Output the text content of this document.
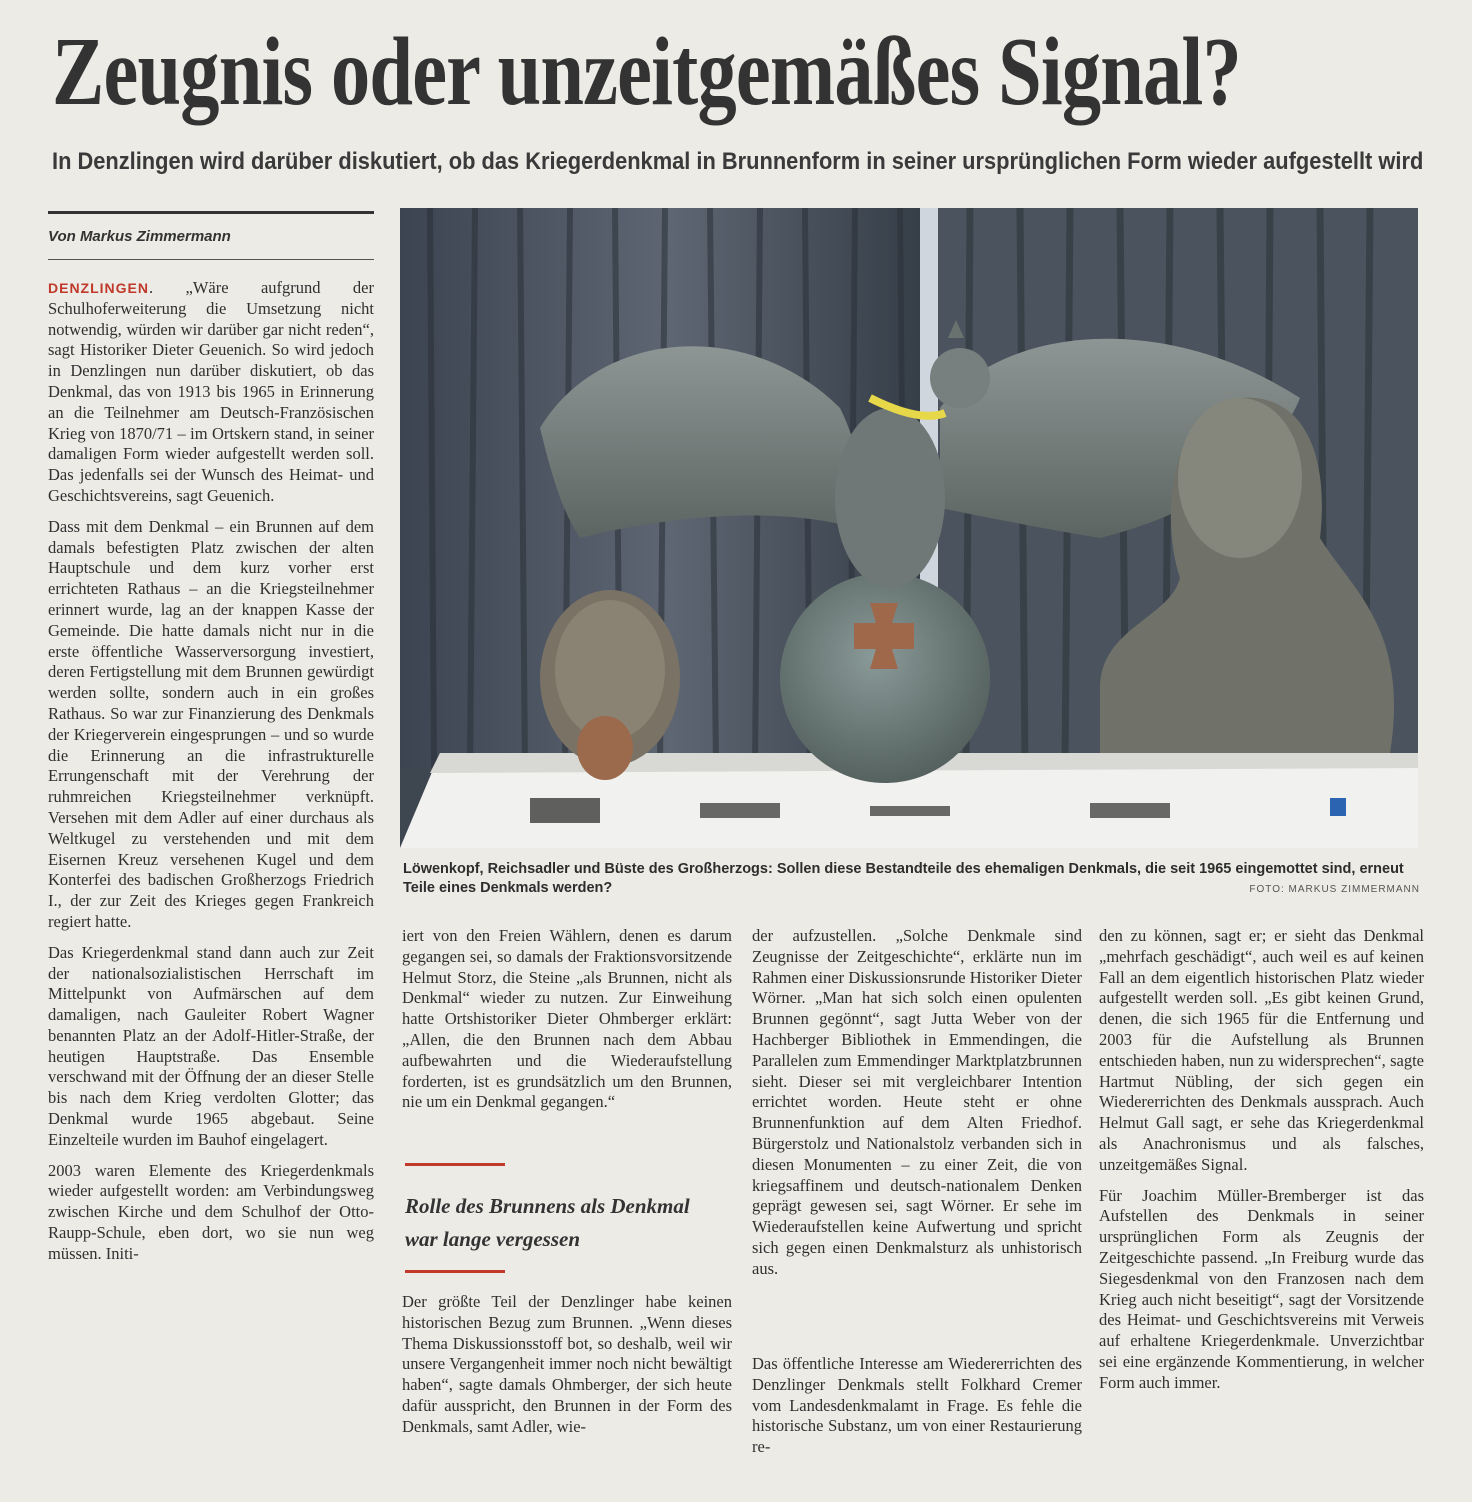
Zeugnis oder unzeitgemäßes Signal?
In Denzlingen wird darüber diskutiert, ob das Kriegerdenkmal in Brunnenform in seiner ursprünglichen Form wieder aufgestellt wird

Von Markus Zimmermann

DENZLINGEN. „Wäre aufgrund der Schulhoferweiterung die Umsetzung nicht notwendig, würden wir darüber gar nicht reden“, sagt Historiker Dieter Geuenich. So wird jedoch in Denzlingen nun darüber diskutiert, ob das Denkmal, das von 1913 bis 1965 in Erinnerung an die Teilnehmer am Deutsch-Französischen Krieg von 1870/71 – im Ortskern stand, in seiner damaligen Form wieder aufgestellt werden soll. Das jedenfalls sei der Wunsch des Heimat- und Geschichtsvereins, sagt Geuenich.

Dass mit dem Denkmal – ein Brunnen auf dem damals befestigten Platz zwischen der alten Hauptschule und dem kurz vorher erst errichteten Rathaus – an die Kriegsteilnehmer erinnert wurde, lag an der knappen Kasse der Gemeinde. Die hatte damals nicht nur in die erste öffentliche Wasserversorgung investiert, deren Fertigstellung mit dem Brunnen gewürdigt werden sollte, sondern auch in ein großes Rathaus. So war zur Finanzierung des Denkmals der Kriegerverein eingesprungen – und so wurde die Erinnerung an die infrastrukturelle Errungenschaft mit der Verehrung der ruhmreichen Kriegsteilnehmer verknüpft. Versehen mit dem Adler auf einer durchaus als Weltkugel zu verstehenden und mit dem Eisernen Kreuz versehenen Kugel und dem Konterfei des badischen Großherzogs Friedrich I., der zur Zeit des Krieges gegen Frankreich regiert hatte.

Das Kriegerdenkmal stand dann auch zur Zeit der nationalsozialistischen Herrschaft im Mittelpunkt von Aufmärschen auf dem damaligen, nach Gauleiter Robert Wagner benannten Platz an der Adolf-Hitler-Straße, der heutigen Hauptstraße. Das Ensemble verschwand mit der Öffnung der an dieser Stelle bis nach dem Krieg verdolten Glotter; das Denkmal wurde 1965 abgebaut. Seine Einzelteile wurden im Bauhof eingelagert.

2003 waren Elemente des Kriegerdenkmals wieder aufgestellt worden: am Verbindungsweg zwischen Kirche und dem Schulhof der Otto-Raupp-Schule, eben dort, wo sie nun weg müssen. Initi-

Löwenkopf, Reichsadler und Büste des Großherzogs: Sollen diese Bestandteile des ehemaligen Denkmals, die seit 1965 eingemottet sind, erneut Teile eines Denkmals werden?	FOTO: MARKUS ZIMMERMANN

iert von den Freien Wählern, denen es darum gegangen sei, so damals der Fraktionsvorsitzende Helmut Storz, die Steine „als Brunnen, nicht als Denkmal“ wieder zu nutzen. Zur Einweihung hatte Ortshistoriker Dieter Ohmberger erklärt: „Allen, die den Brunnen nach dem Abbau aufbewahrten und die Wiederaufstellung forderten, ist es grundsätzlich um den Brunnen, nie um ein Denkmal gegangen.“

Rolle des Brunnens als Denkmal war lange vergessen

Der größte Teil der Denzlinger habe keinen historischen Bezug zum Brunnen. „Wenn dieses Thema Diskussionsstoff bot, so deshalb, weil wir unsere Vergangenheit immer noch nicht bewältigt haben“, sagte damals Ohmberger, der sich heute dafür ausspricht, den Brunnen in der Form des Denkmals, samt Adler, wie-

der aufzustellen. „Solche Denkmale sind Zeugnisse der Zeitgeschichte“, erklärte nun im Rahmen einer Diskussionsrunde Historiker Dieter Wörner. „Man hat sich solch einen opulenten Brunnen gegönnt“, sagt Jutta Weber von der Hachberger Bibliothek in Emmendingen, die Parallelen zum Emmendinger Marktplatzbrunnen sieht. Dieser sei mit vergleichbarer Intention errichtet worden. Heute steht er ohne Brunnenfunktion auf dem Alten Friedhof. Bürgerstolz und Nationalstolz verbanden sich in diesen Monumenten – zu einer Zeit, die von kriegsaffinem und deutsch-nationalem Denken geprägt gewesen sei, sagt Wörner. Er sehe im Wiederaufstellen keine Aufwertung und spricht sich gegen einen Denkmalsturz als unhistorisch aus.

Das öffentliche Interesse am Wiedererrichten des Denzlinger Denkmals stellt Folkhard Cremer vom Landesdenkmalamt in Frage. Es fehle die historische Substanz, um von einer Restaurierung re-

den zu können, sagt er; er sieht das Denkmal „mehrfach geschädigt“, auch weil es auf keinen Fall an dem eigentlich historischen Platz wieder aufgestellt werden soll. „Es gibt keinen Grund, denen, die sich 1965 für die Entfernung und 2003 für die Aufstellung als Brunnen entschieden haben, nun zu widersprechen“, sagte Hartmut Nübling, der sich gegen ein Wiedererrichten des Denkmals aussprach. Auch Helmut Gall sagt, er sehe das Kriegerdenkmal als Anachronismus und als falsches, unzeitgemäßes Signal.

Für Joachim Müller-Bremberger ist das Aufstellen des Denkmals in seiner ursprünglichen Form als Zeugnis der Zeitgeschichte passend. „In Freiburg wurde das Siegesdenkmal von den Franzosen nach dem Krieg auch nicht beseitigt“, sagt der Vorsitzende des Heimat- und Geschichtsvereins mit Verweis auf erhaltene Kriegerdenkmale. Unverzichtbar sei eine ergänzende Kommentierung, in welcher Form auch immer.
